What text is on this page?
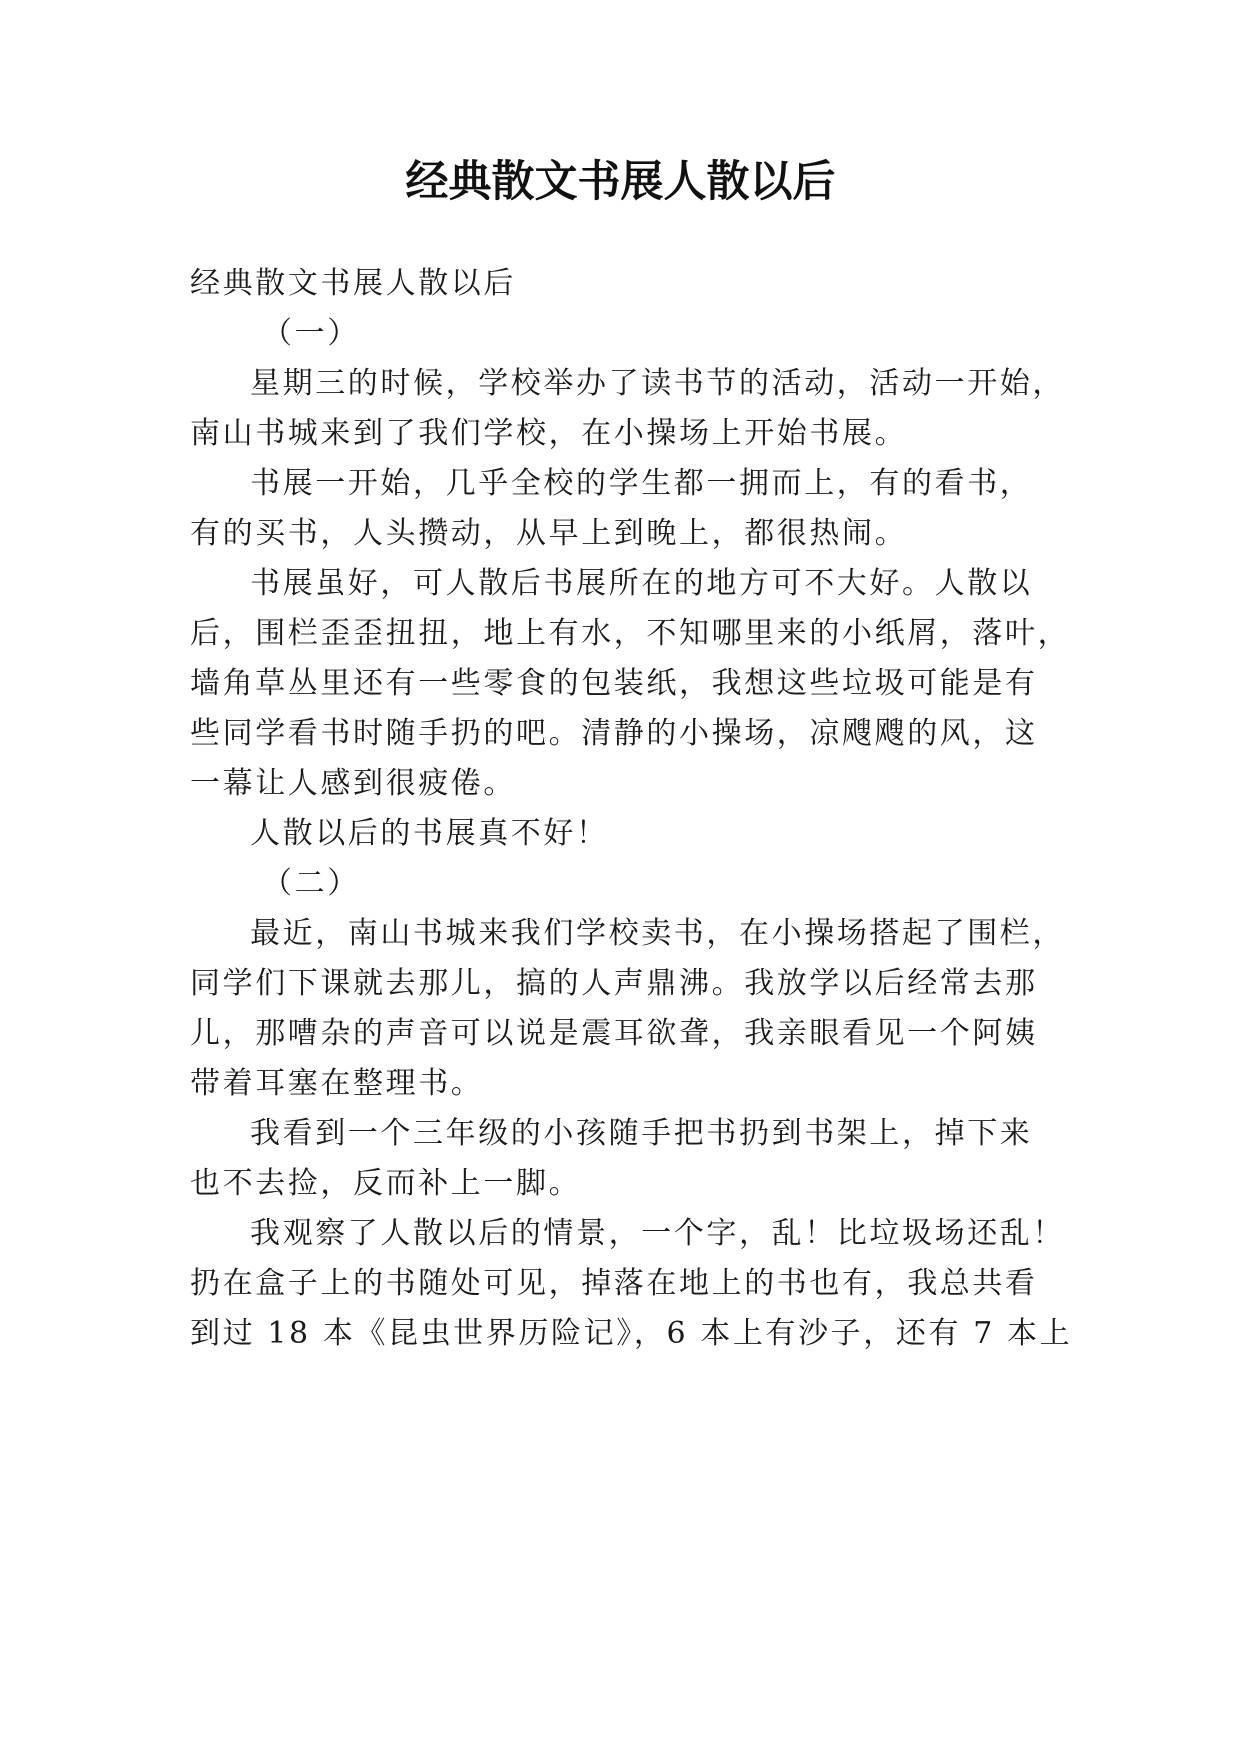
经典散文书展人散以后
经典散文书展人散以后
（一）
星期三的时候，学校举办了读书节的活动，活动一开始，
南山书城来到了我们学校，在小操场上开始书展。
书展一开始，几乎全校的学生都一拥而上，有的看书，
有的买书，人头攒动，从早上到晚上，都很热闹。
书展虽好，可人散后书展所在的地方可不大好。人散以
后，围栏歪歪扭扭，地上有水，不知哪里来的小纸屑，落叶，
墙角草丛里还有一些零食的包装纸，我想这些垃圾可能是有
些同学看书时随手扔的吧。清静的小操场，凉飕飕的风，这
一幕让人感到很疲倦。
人散以后的书展真不好！
（二）
最近，南山书城来我们学校卖书，在小操场搭起了围栏，
同学们下课就去那儿，搞的人声鼎沸。我放学以后经常去那
儿，那嘈杂的声音可以说是震耳欲聋，我亲眼看见一个阿姨
带着耳塞在整理书。
我看到一个三年级的小孩随手把书扔到书架上，掉下来
也不去捡，反而补上一脚。
我观察了人散以后的情景，一个字，乱！比垃圾场还乱！
扔在盒子上的书随处可见，掉落在地上的书也有，我总共看
到过 18 本《昆虫世界历险记》，6 本上有沙子，还有 7 本上
